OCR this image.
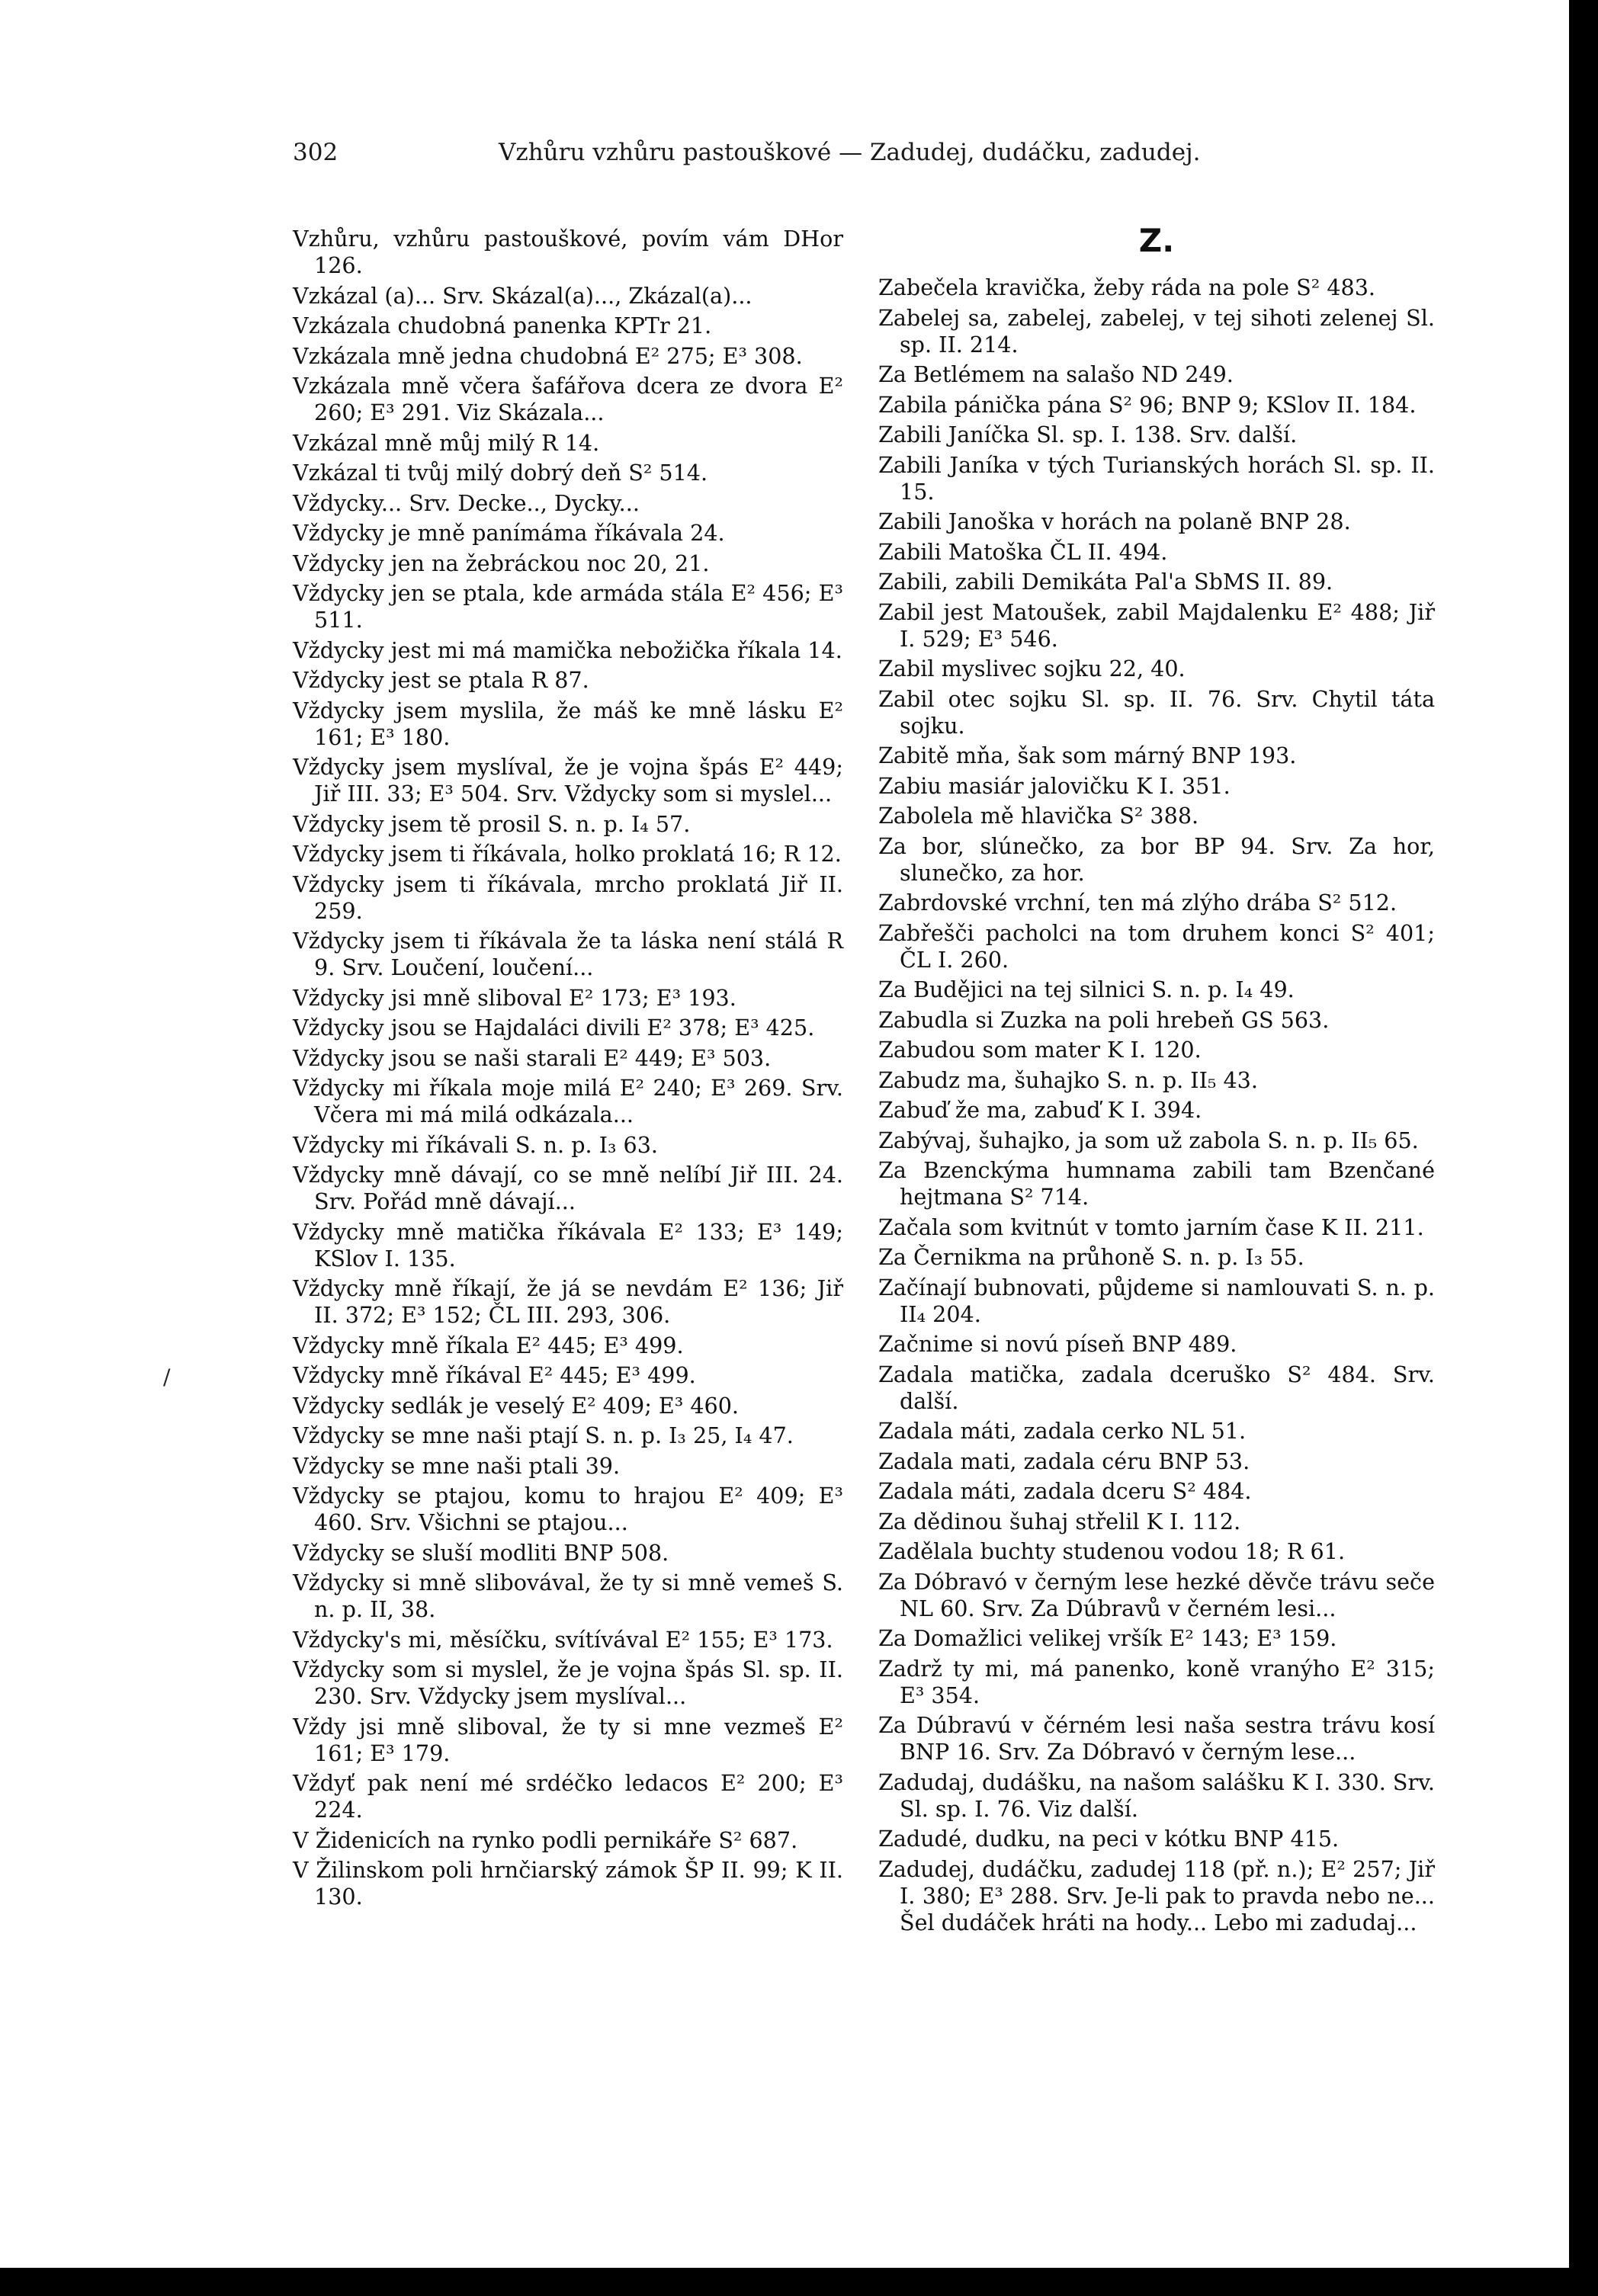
302	Vzhůru vzhůru pastouškové — Zadudej, dudáčku, zadudej.

Vzhůru, vzhůru pastouškové, povím vám DHor 126.

Vzkázal (a)... Srv. Skázal(a)..., Zkázal(a)...

Vzkázala chudobná panenka KPTr 21.

Vzkázala mně jedna chudobná E² 275; E³ 308.

Vzkázala mně včera šafářova dcera ze dvora E² 260; E³ 291. Viz Skázala...

Vzkázal mně můj milý R 14.

Vzkázal ti tvůj milý dobrý deň S² 514.

Vždycky... Srv. Decke.., Dycky...

Vždycky je mně panímáma říkávala 24.

Vždycky jen na žebráckou noc 20, 21.

Vždycky jen se ptala, kde armáda stála E² 456; E³ 511.

Vždycky jest mi má mamička nebožička říkala 14.

Vždycky jest se ptala R 87.

Vždycky jsem myslila, že máš ke mně lásku E² 161; E³ 180.

Vždycky jsem myslíval, že je vojna špás E² 449; Jiř III. 33; E³ 504. Srv. Vždycky som si myslel...

Vždycky jsem tě prosil S. n. p. I₄ 57.

Vždycky jsem ti říkávala, holko proklatá 16; R 12.

Vždycky jsem ti říkávala, mrcho proklatá Jiř II. 259.

Vždycky jsem ti říkávala že ta láska není stálá R 9. Srv. Loučení, loučení...

Vždycky jsi mně sliboval E² 173; E³ 193.

Vždycky jsou se Hajdaláci divili E² 378; E³ 425.

Vždycky jsou se naši starali E² 449; E³ 503.

Vždycky mi říkala moje milá E² 240; E³ 269. Srv. Včera mi má milá odkázala...

Vždycky mi říkávali S. n. p. I₃ 63.

Vždycky mně dávají, co se mně nelíbí Jiř III. 24. Srv. Pořád mně dávají...

Vždycky mně matička říkávala E² 133; E³ 149; KSlov I. 135.

Vždycky mně říkají, že já se nevdám E² 136; Jiř II. 372; E³ 152; ČL III. 293, 306.

Vždycky mně říkala E² 445; E³ 499.

Vždycky mně říkával E² 445; E³ 499.

Vždycky sedlák je veselý E² 409; E³ 460.

Vždycky se mne naši ptají S. n. p. I₃ 25, I₄ 47.

Vždycky se mne naši ptali 39.

Vždycky se ptajou, komu to hrajou E² 409; E³ 460. Srv. Všichni se ptajou...

Vždycky se sluší modliti BNP 508.

Vždycky si mně slibovával, že ty si mně vemeš S. n. p. II, 38.

Vždycky's mi, měsíčku, svítívával E² 155; E³ 173.

Vždycky som si myslel, že je vojna špás Sl. sp. II. 230. Srv. Vždycky jsem myslíval...

Vždy jsi mně sliboval, že ty si mne vezmeš E² 161; E³ 179.

Vždyť pak není mé srdéčko ledacos E² 200; E³ 224.

V Židenicích na rynko podli pernikáře S² 687.

V Žilinskom poli hrnčiarský zámok ŠP II. 99; K II. 130.

Z.

Zabečela kravička, žeby ráda na pole S² 483.

Zabelej sa, zabelej, zabelej, v tej sihoti zelenej Sl. sp. II. 214.

Za Betlémem na salašo ND 249.

Zabila pánička pána S² 96; BNP 9; KSlov II. 184.

Zabili Janíčka Sl. sp. I. 138. Srv. další.

Zabili Janíka v tých Turianských horách Sl. sp. II. 15.

Zabili Janoška v horách na polaně BNP 28.

Zabili Matoška ČL II. 494.

Zabili, zabili Demikáta Pal'a SbMS II. 89.

Zabil jest Matoušek, zabil Majdalenku E² 488; Jiř I. 529; E³ 546.

Zabil myslivec sojku 22, 40.

Zabil otec sojku Sl. sp. II. 76. Srv. Chytil táta sojku.

Zabitě mňa, šak som márný BNP 193.

Zabiu masiár jalovičku K I. 351.

Zabolela mě hlavička S² 388.

Za bor, slúnečko, za bor BP 94. Srv. Za hor, slunečko, za hor.

Zabrdovské vrchní, ten má zlýho drába S² 512.

Zabřešči pacholci na tom druhem konci S² 401; ČL I. 260.

Za Budějici na tej silnici S. n. p. I₄ 49.

Zabudla si Zuzka na poli hrebeň GS 563.

Zabudou som mater K I. 120.

Zabudz ma, šuhajko S. n. p. II₅ 43.

Zabuď že ma, zabuď K I. 394.

Zabývaj, šuhajko, ja som už zabola S. n. p. II₅ 65.

Za Bzenckýma humnama zabili tam Bzenčané hejtmana S² 714.

Začala som kvitnút v tomto jarním čase K II. 211.

Za Černikma na průhoně S. n. p. I₃ 55.

Začínají bubnovati, půjdeme si namlouvati S. n. p. II₄ 204.

Začnime si novú píseň BNP 489.

Zadala matička, zadala dceruško S² 484. Srv. další.

Zadala máti, zadala cerko NL 51.

Zadala mati, zadala céru BNP 53.

Zadala máti, zadala dceru S² 484.

Za dědinou šuhaj střelil K I. 112.

Zadělala buchty studenou vodou 18; R 61.

Za Dóbravó v černým lese hezké děvče trávu seče NL 60. Srv. Za Dúbravů v černém lesi...

Za Domažlici velikej vršík E² 143; E³ 159.

Zadrž ty mi, má panenko, koně vranýho E² 315; E³ 354.

Za Dúbravú v čérném lesi naša sestra trávu kosí BNP 16. Srv. Za Dóbravó v černým lese...

Zadudaj, dudášku, na našom salášku K I. 330. Srv. Sl. sp. I. 76. Viz další.

Zadudé, dudku, na peci v kótku BNP 415.

Zadudej, dudáčku, zadudej 118 (př. n.); E² 257; Jiř I. 380; E³ 288. Srv. Je-li pak to pravda nebo ne... Šel dudáček hráti na hody... Lebo mi zadudaj...

/
